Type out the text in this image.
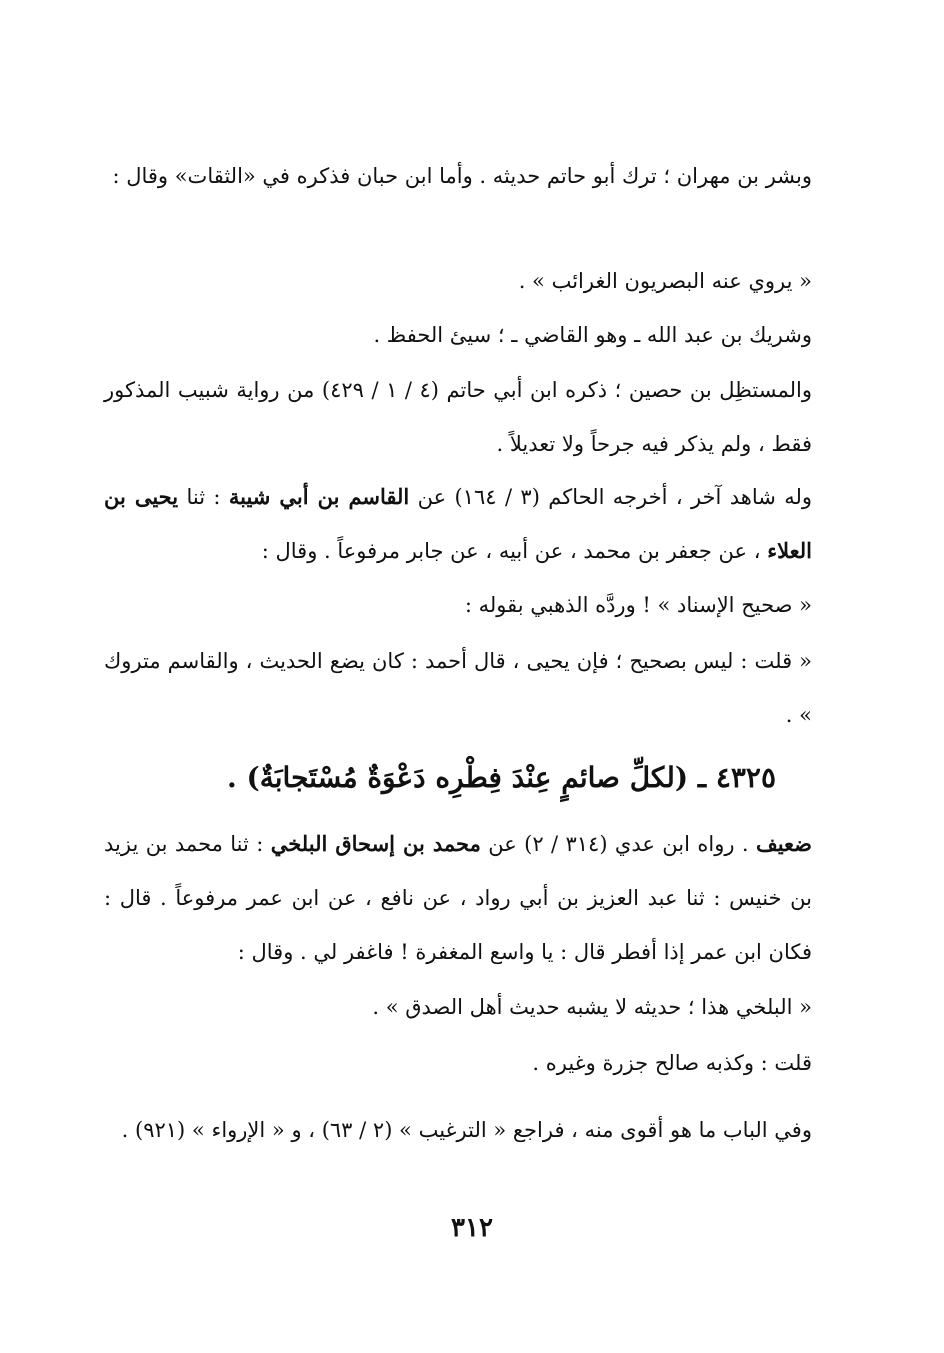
وبشر بن مهران ؛ ترك أبو حاتم حديثه . وأما ابن حبان فذكره في «الثقات» وقال :

« يروي عنه البصريون الغرائب » .

وشريك بن عبد الله ـ وهو القاضي ـ ؛ سيئ الحفظ .

والمستظِل بن حصين ؛ ذكره ابن أبي حاتم (٤ / ١ / ٤٢٩) من رواية شبيب المذكور فقط ، ولم يذكر فيه جرحاً ولا تعديلاً .

وله شاهد آخر ، أخرجه الحاكم (٣ / ١٦٤) عن القاسم بن أبي شيبة : ثنا يحيى بن العلاء ، عن جعفر بن محمد ، عن أبيه ، عن جابر مرفوعاً . وقال :

« صحيح الإسناد » ! وردَّه الذهبي بقوله :

« قلت : ليس بصحيح ؛ فإن يحيى ، قال أحمد : كان يضع الحديث ، والقاسم متروك » .

٤٣٢٥ ـ (لكلِّ صائمٍ عِنْدَ فِطْرِه دَعْوَةٌ مُسْتَجابَةٌ) .

ضعيف . رواه ابن عدي (٣١٤ / ٢) عن محمد بن إسحاق البلخي : ثنا محمد بن يزيد بن خنيس : ثنا عبد العزيز بن أبي رواد ، عن نافع ، عن ابن عمر مرفوعاً . قال : فكان ابن عمر إذا أفطر قال : يا واسع المغفرة ! فاغفر لي . وقال :

« البلخي هذا ؛ حديثه لا يشبه حديث أهل الصدق » .

قلت : وكذبه صالح جزرة وغيره .

وفي الباب ما هو أقوى منه ، فراجع « الترغيب » (٢ / ٦٣) ، و « الإرواء » (٩٢١) .

٣١٢
